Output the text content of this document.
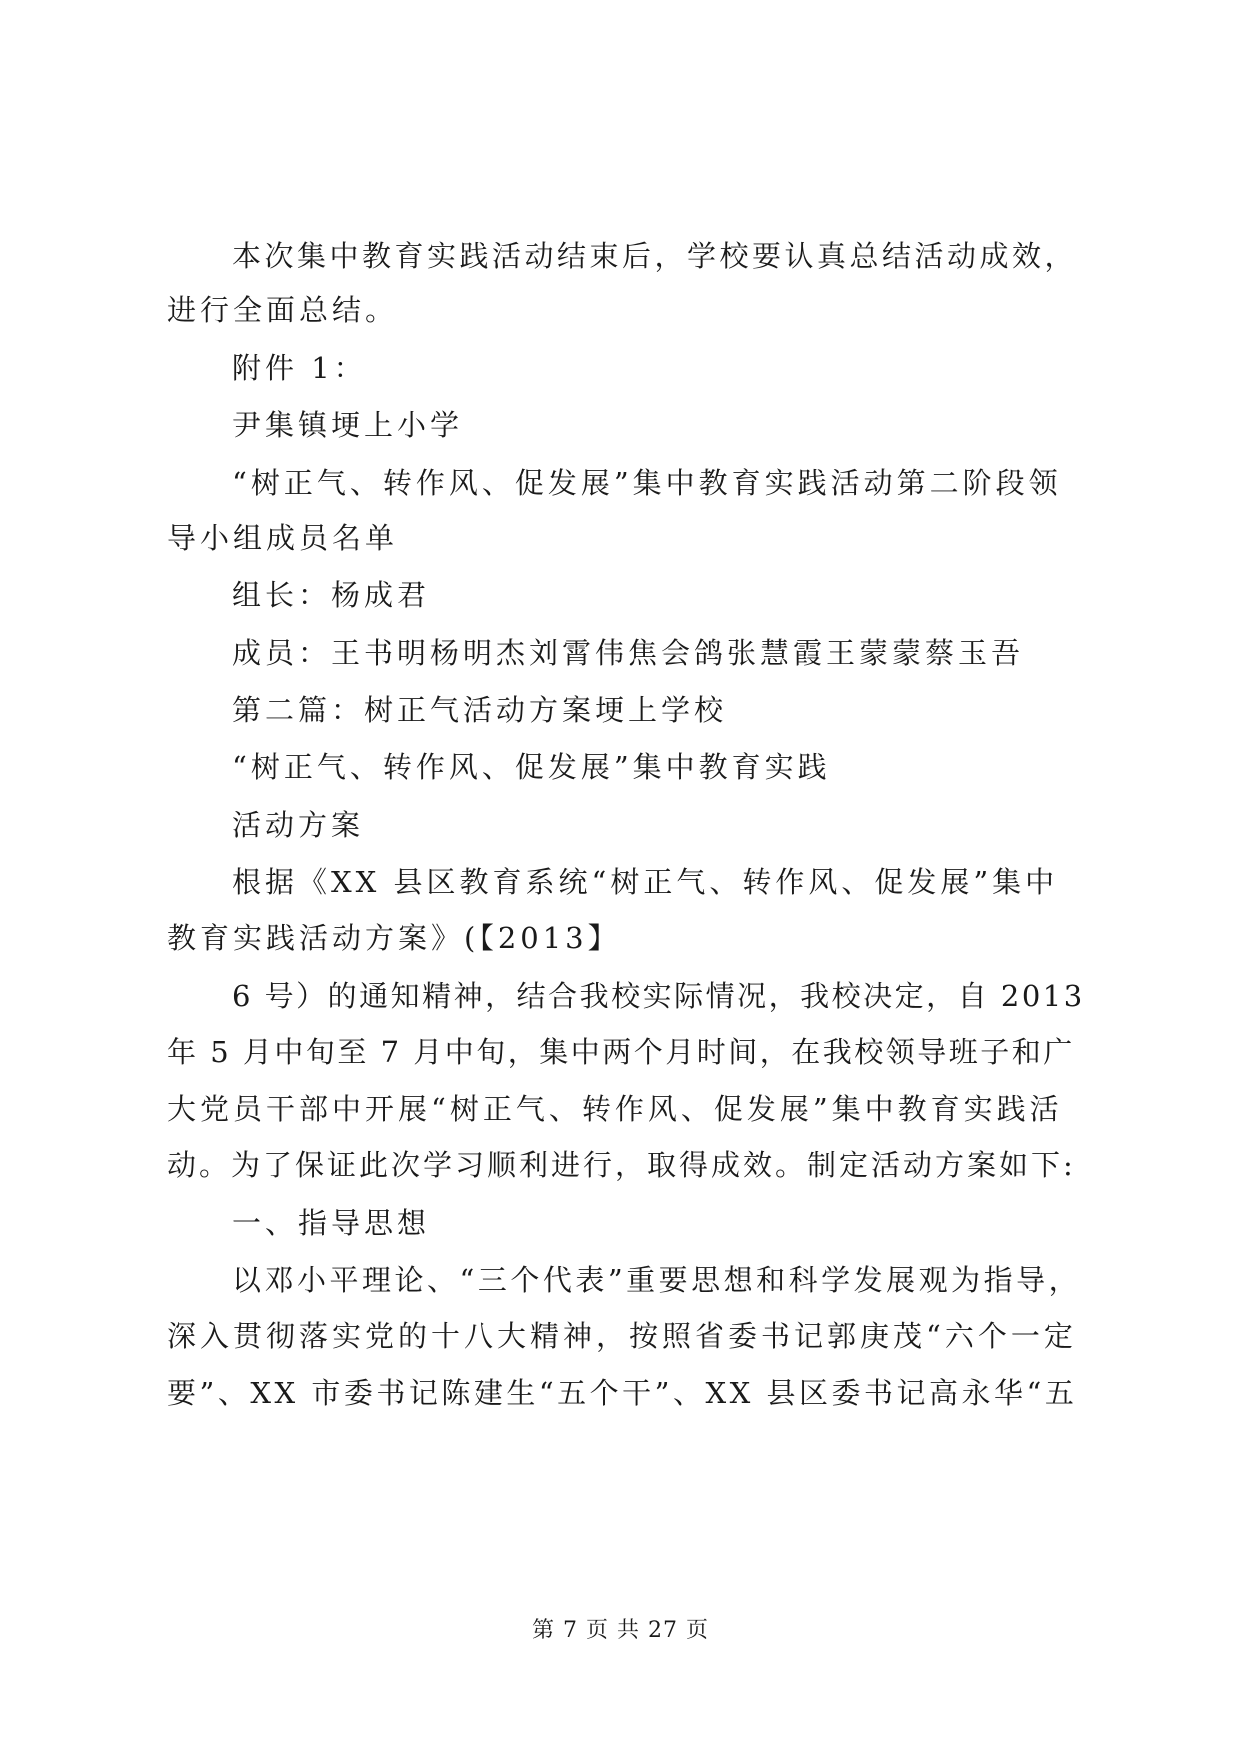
本次集中教育实践活动结束后，学校要认真总结活动成效，
进行全面总结。
附件 1：
尹集镇埂上小学
“树正气、转作风、促发展”集中教育实践活动第二阶段领
导小组成员名单
组长：杨成君
成员：王书明杨明杰刘霄伟焦会鸽张慧霞王蒙蒙蔡玉吾
第二篇：树正气活动方案埂上学校
“树正气、转作风、促发展”集中教育实践
活动方案
根据《XX 县区教育系统“树正气、转作风、促发展”集中
教育实践活动方案》(【2013】
6 号）的通知精神，结合我校实际情况，我校决定，自 2013
年 5 月中旬至 7 月中旬，集中两个月时间，在我校领导班子和广
大党员干部中开展“树正气、转作风、促发展”集中教育实践活
动。为了保证此次学习顺利进行，取得成效。制定活动方案如下:
一、指导思想
以邓小平理论、“三个代表”重要思想和科学发展观为指导，
深入贯彻落实党的十八大精神，按照省委书记郭庚茂“六个一定
要”、XX 市委书记陈建生“五个干”、XX 县区委书记高永华“五
第 7 页 共 27 页
